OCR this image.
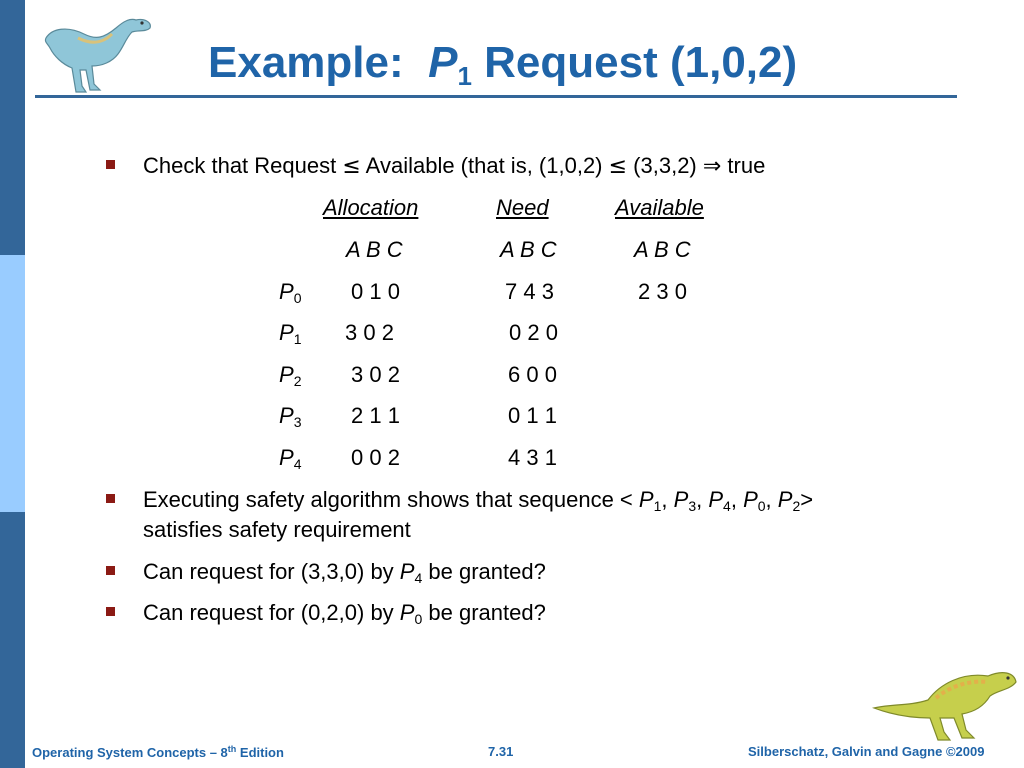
Example: $P_1$ Request (1,0,2)
Check that Request ≤ Available (that is, (1,0,2) ≤ (3,3,2) ⇒ true
Allocation	Need	Available
A B C	A B C	A B C
$P_0$ 0 1 0	7 4 3	2 3 0
$P_1$ 3 0 2	0 2 0
$P_2$ 3 0 2	6 0 0
$P_3$ 2 1 1	0 1 1
$P_4$ 0 0 2	4 3 1
Executing safety algorithm shows that sequence < $P_1$, $P_3$, $P_4$, $P_0$, $P_2>$
satisfies safety requirement
Can request for (3,3,0) by $P_4$ be granted?
Can request for (0,2,0) by $P_0$ be granted?
Operating System Concepts – 8th Edition	7.31	Silberschatz, Galvin and Gagne ©2009
